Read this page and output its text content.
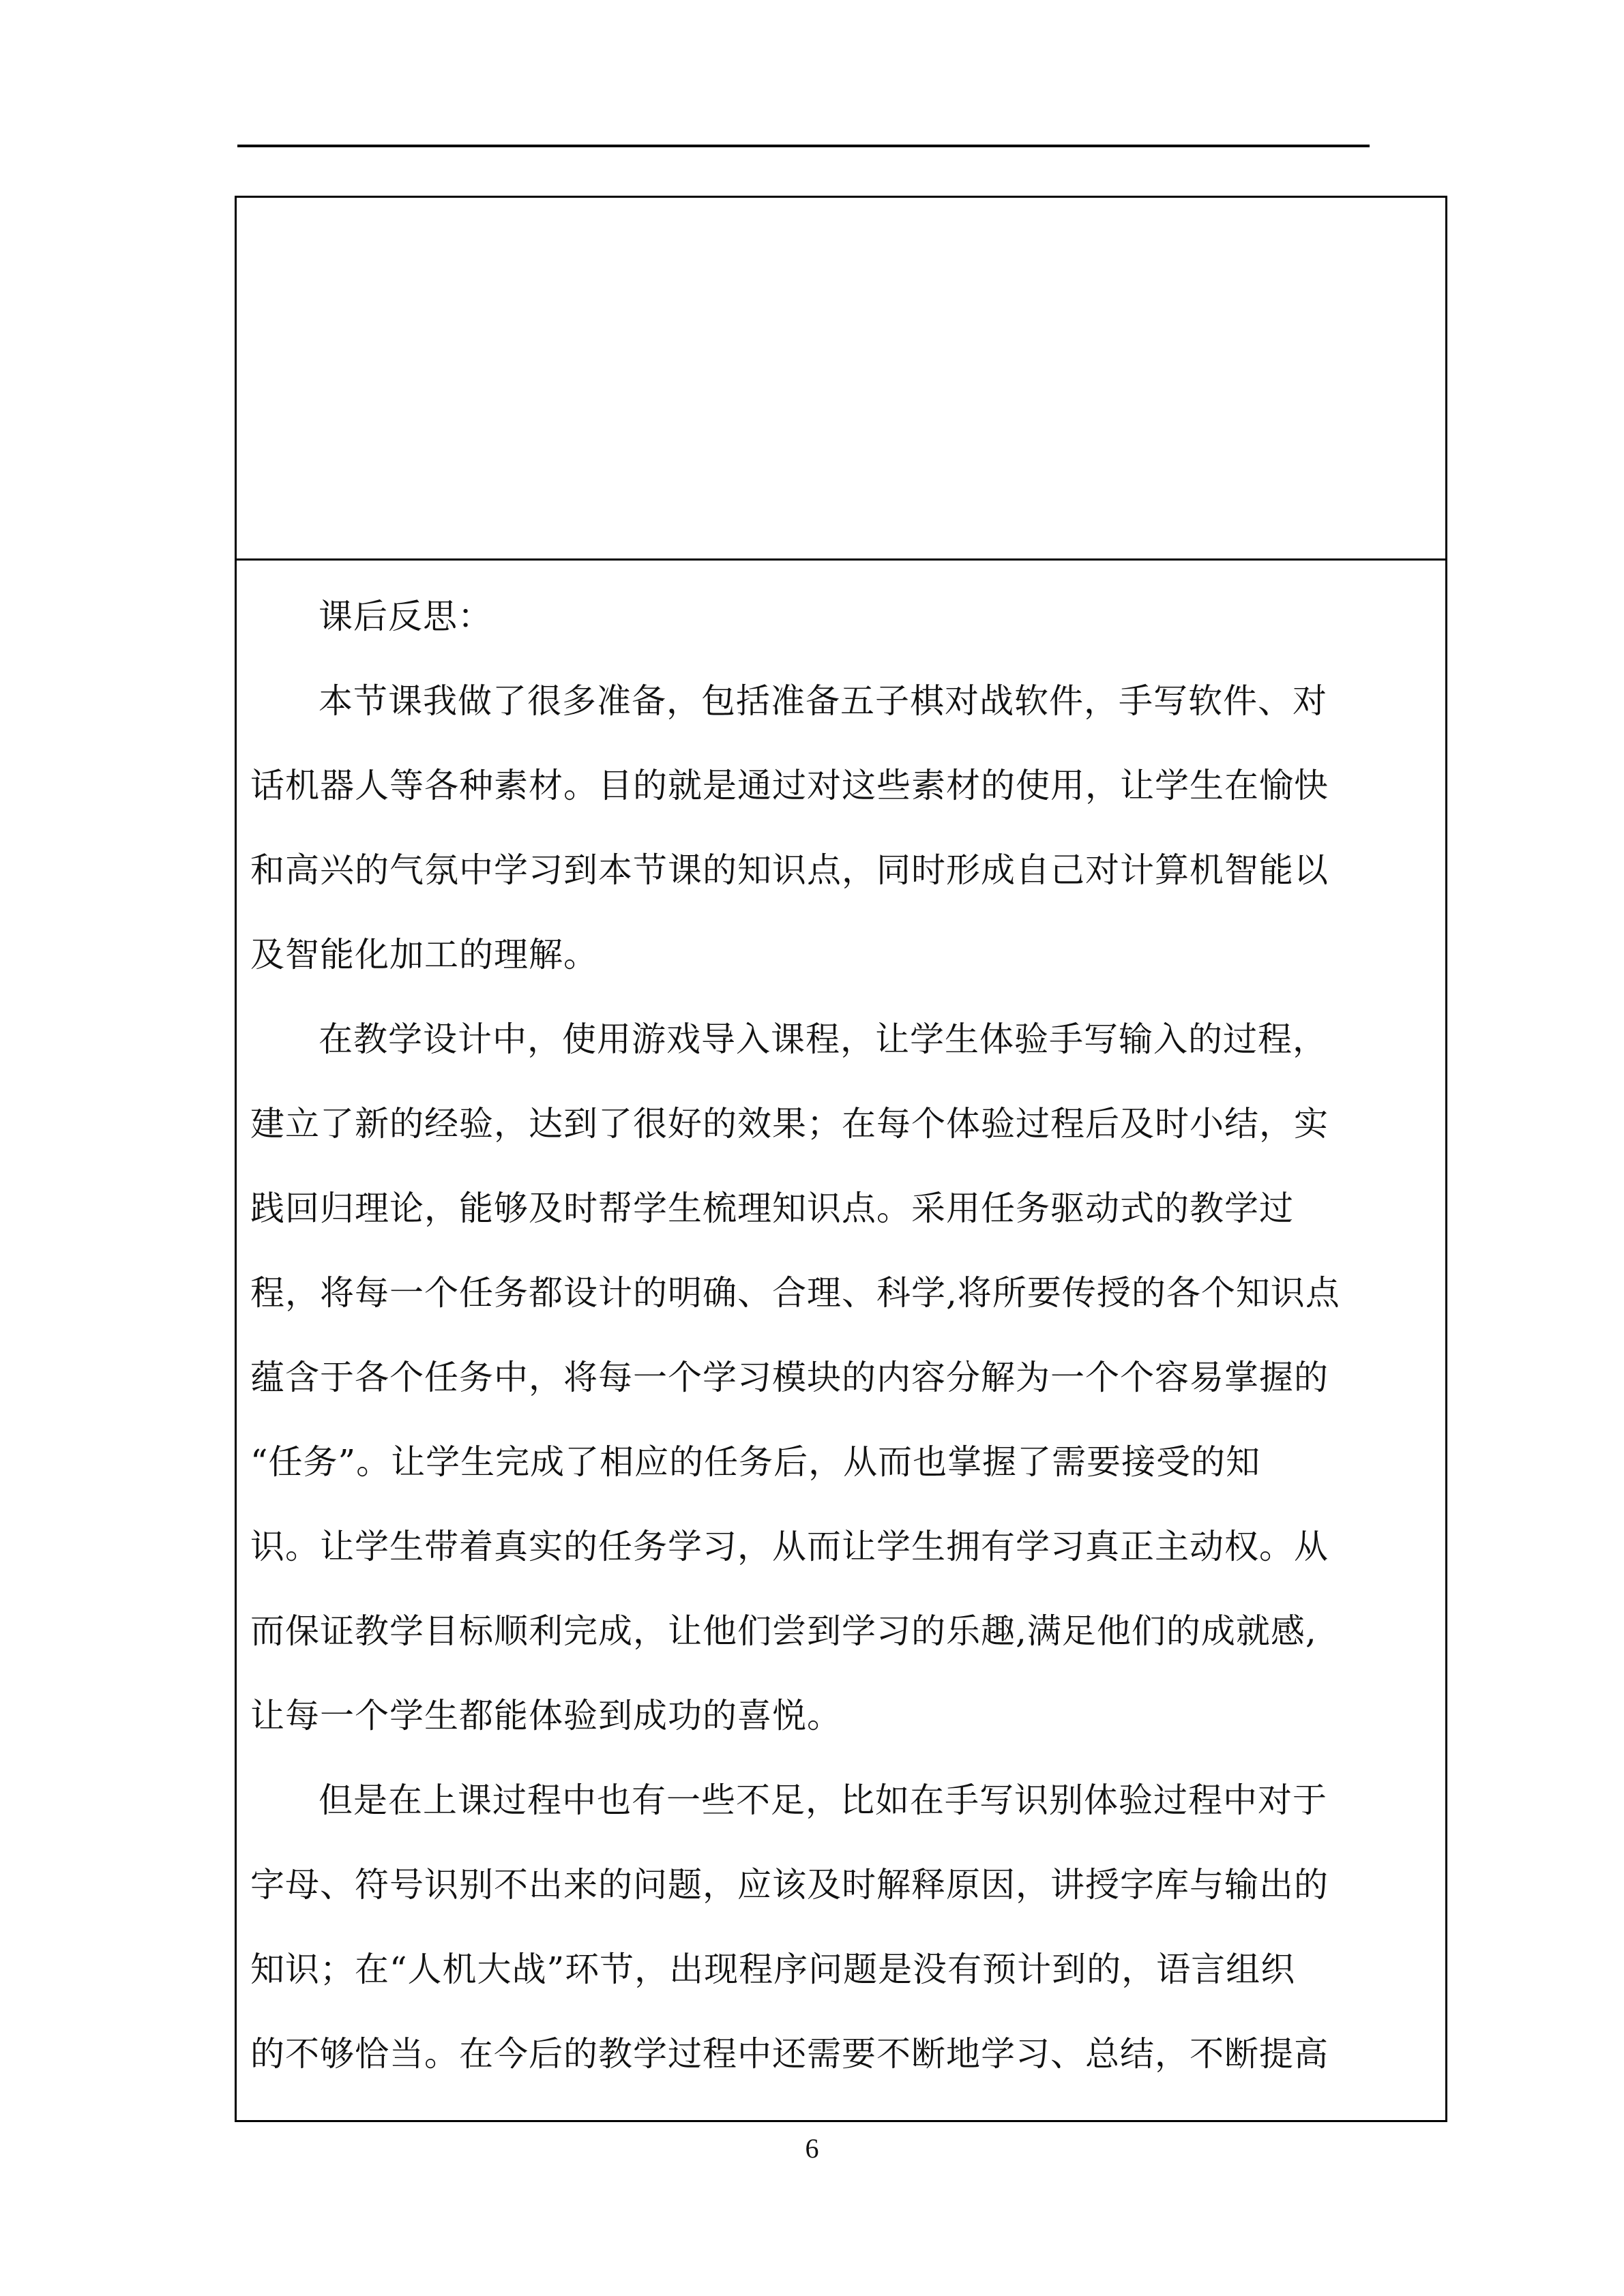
课后反思：
本节课我做了很多准备，包括准备五子棋对战软件，手写软件、对
话机器人等各种素材。目的就是通过对这些素材的使用，让学生在愉快
和高兴的气氛中学习到本节课的知识点，同时形成自己对计算机智能以
及智能化加工的理解。
在教学设计中，使用游戏导入课程，让学生体验手写输入的过程，
建立了新的经验，达到了很好的效果；在每个体验过程后及时小结，实
践回归理论，能够及时帮学生梳理知识点。采用任务驱动式的教学过
程，将每一个任务都设计的明确、合理、科学,将所要传授的各个知识点
蕴含于各个任务中，将每一个学习模块的内容分解为一个个容易掌握的
“任务”。让学生完成了相应的任务后，从而也掌握了需要接受的知
识。让学生带着真实的任务学习，从而让学生拥有学习真正主动权。从
而保证教学目标顺利完成，让他们尝到学习的乐趣,满足他们的成就感,
让每一个学生都能体验到成功的喜悦。
但是在上课过程中也有一些不足，比如在手写识别体验过程中对于
字母、符号识别不出来的问题，应该及时解释原因，讲授字库与输出的
知识；在“人机大战”环节，出现程序问题是没有预计到的，语言组织
的不够恰当。在今后的教学过程中还需要不断地学习、总结，不断提高
6
